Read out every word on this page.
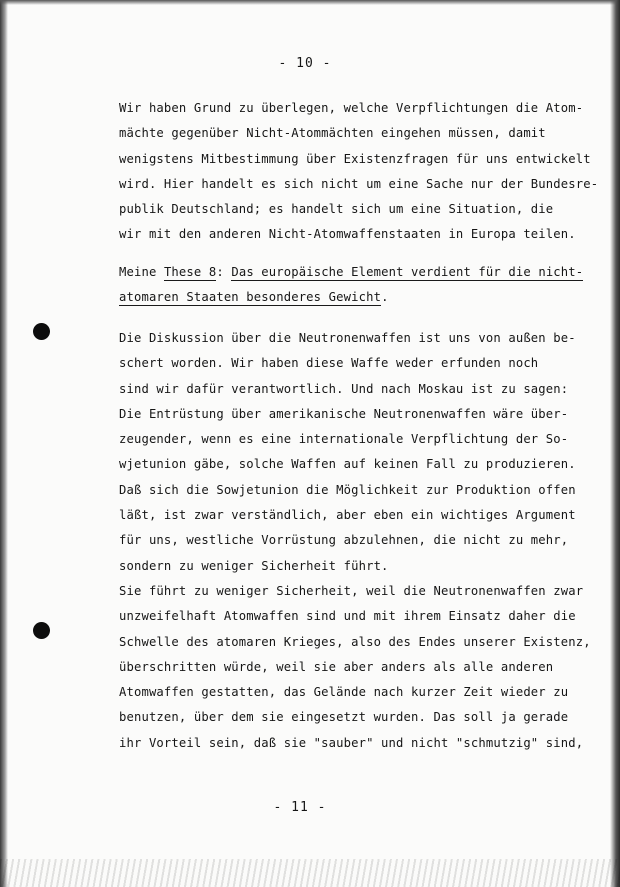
- 10 -
Wir haben Grund zu überlegen, welche Verpflichtungen die Atom-
mächte gegenüber Nicht-Atommächten eingehen müssen, damit
wenigstens Mitbestimmung über Existenzfragen für uns entwickelt
wird. Hier handelt es sich nicht um eine Sache nur der Bundesre-
publik Deutschland; es handelt sich um eine Situation, die
wir mit den anderen Nicht-Atomwaffenstaaten in Europa teilen.
Meine These 8: Das europäische Element verdient für die nicht-
atomaren Staaten besonderes Gewicht.
Die Diskussion über die Neutronenwaffen ist uns von außen be-
schert worden. Wir haben diese Waffe weder erfunden noch
sind wir dafür verantwortlich. Und nach Moskau ist zu sagen:
Die Entrüstung über amerikanische Neutronenwaffen wäre über-
zeugender, wenn es eine internationale Verpflichtung der So-
wjetunion gäbe, solche Waffen auf keinen Fall zu produzieren.
Daß sich die Sowjetunion die Möglichkeit zur Produktion offen
läßt, ist zwar verständlich, aber eben ein wichtiges Argument
für uns, westliche Vorrüstung abzulehnen, die nicht zu mehr,
sondern zu weniger Sicherheit führt.
Sie führt zu weniger Sicherheit, weil die Neutronenwaffen zwar
unzweifelhaft Atomwaffen sind und mit ihrem Einsatz daher die
Schwelle des atomaren Krieges, also des Endes unserer Existenz,
überschritten würde, weil sie aber anders als alle anderen
Atomwaffen gestatten, das Gelände nach kurzer Zeit wieder zu
benutzen, über dem sie eingesetzt wurden. Das soll ja gerade
ihr Vorteil sein, daß sie "sauber" und nicht "schmutzig" sind,
- 11 -
